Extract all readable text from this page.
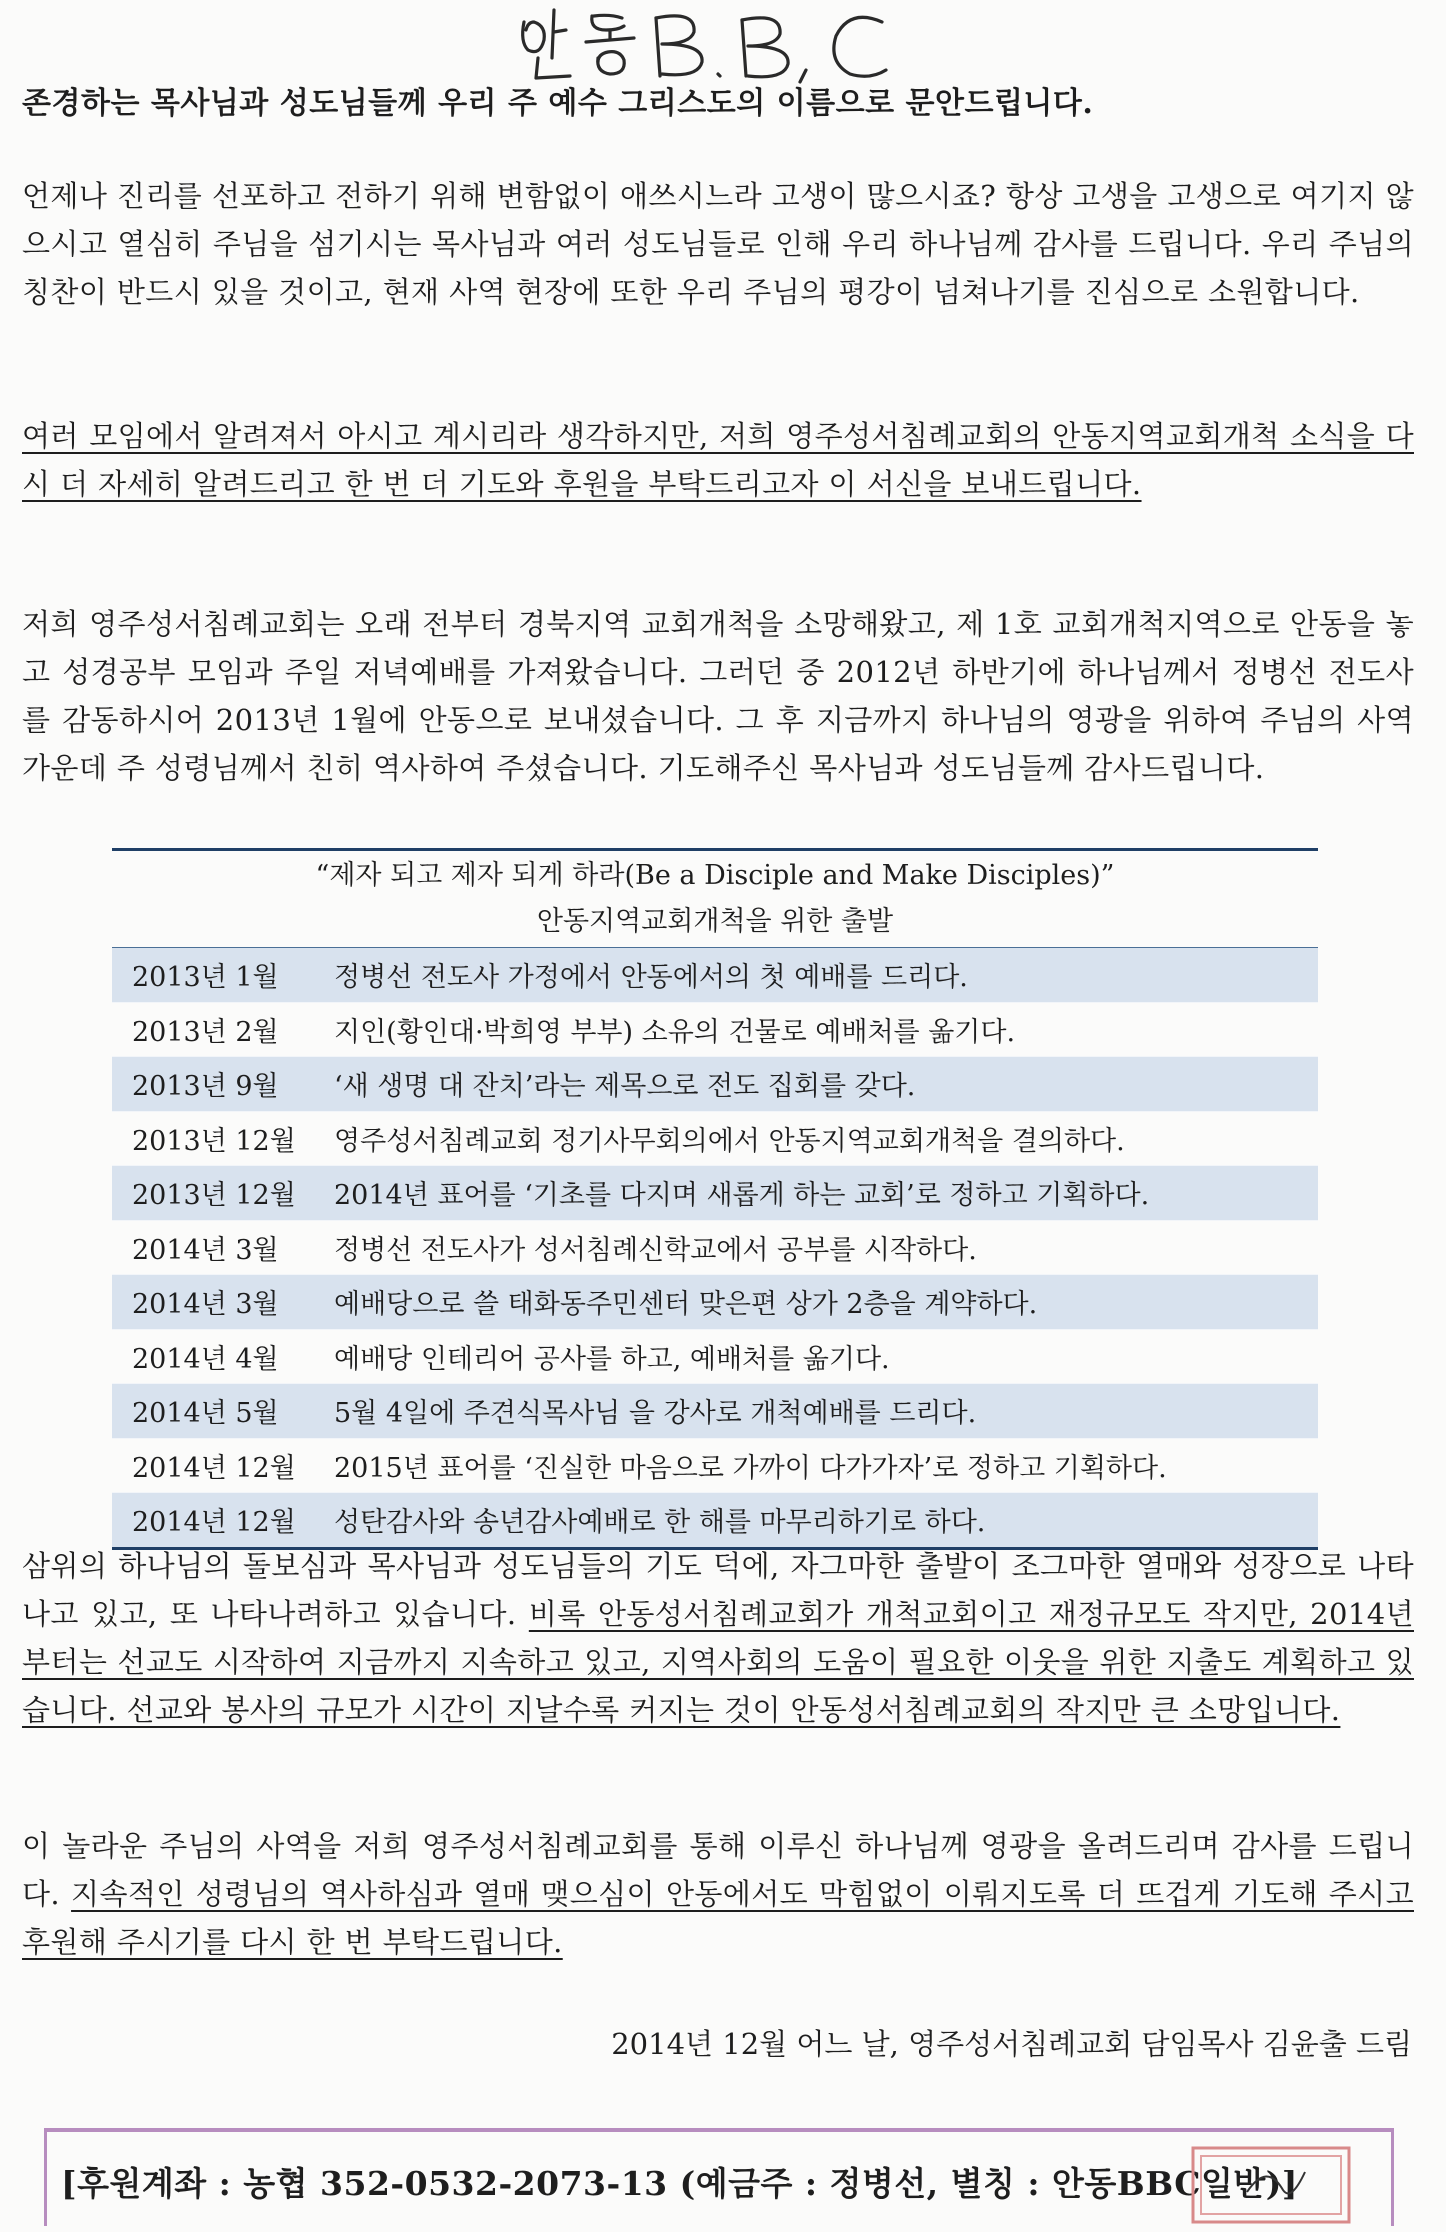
존경하는 목사님과 성도님들께 우리 주 예수 그리스도의 이름으로 문안드립니다.
언제나 진리를 선포하고 전하기 위해 변함없이 애쓰시느라 고생이 많으시죠? 항상 고생을 고생으로 여기지 않으시고 열심히 주님을 섬기시는 목사님과 여러 성도님들로 인해 우리 하나님께 감사를 드립니다. 우리 주님의 칭찬이 반드시 있을 것이고, 현재 사역 현장에 또한 우리 주님의 평강이 넘쳐나기를 진심으로 소원합니다.
여러 모임에서 알려져서 아시고 계시리라 생각하지만, 저희 영주성서침례교회의 안동지역교회개척 소식을 다시 더 자세히 알려드리고 한 번 더 기도와 후원을 부탁드리고자 이 서신을 보내드립니다.
저희 영주성서침례교회는 오래 전부터 경북지역 교회개척을 소망해왔고, 제 1호 교회개척지역으로 안동을 놓고 성경공부 모임과 주일 저녁예배를 가져왔습니다. 그러던 중 2012년 하반기에 하나님께서 정병선 전도사를 감동하시어 2013년 1월에 안동으로 보내셨습니다. 그 후 지금까지 하나님의 영광을 위하여 주님의 사역 가운데 주 성령님께서 친히 역사하여 주셨습니다. 기도해주신 목사님과 성도님들께 감사드립니다.
“제자 되고 제자 되게 하라(Be a Disciple and Make Disciples)”
안동지역교회개척을 위한 출발
2013년 1월	정병선 전도사 가정에서 안동에서의 첫 예배를 드리다.
2013년 2월	지인(황인대·박희영 부부) 소유의 건물로 예배처를 옮기다.
2013년 9월	‘새 생명 대 잔치’라는 제목으로 전도 집회를 갖다.
2013년 12월	영주성서침례교회 정기사무회의에서 안동지역교회개척을 결의하다.
2013년 12월	2014년 표어를 ‘기초를 다지며 새롭게 하는 교회’로 정하고 기획하다.
2014년 3월	정병선 전도사가 성서침례신학교에서 공부를 시작하다.
2014년 3월	예배당으로 쓸 태화동주민센터 맞은편 상가 2층을 계약하다.
2014년 4월	예배당 인테리어 공사를 하고, 예배처를 옮기다.
2014년 5월	5월 4일에 주견식목사님 을 강사로 개척예배를 드리다.
2014년 12월	2015년 표어를 ‘진실한 마음으로 가까이 다가가자’로 정하고 기획하다.
2014년 12월	성탄감사와 송년감사예배로 한 해를 마무리하기로 하다.
삼위의 하나님의 돌보심과 목사님과 성도님들의 기도 덕에, 자그마한 출발이 조그마한 열매와 성장으로 나타나고 있고, 또 나타나려하고 있습니다. 비록 안동성서침례교회가 개척교회이고 재정규모도 작지만, 2014년부터는 선교도 시작하여 지금까지 지속하고 있고, 지역사회의 도움이 필요한 이웃을 위한 지출도 계획하고 있습니다. 선교와 봉사의 규모가 시간이 지날수록 커지는 것이 안동성서침례교회의 작지만 큰 소망입니다.
이 놀라운 주님의 사역을 저희 영주성서침례교회를 통해 이루신 하나님께 영광을 올려드리며 감사를 드립니다. 지속적인 성령님의 역사하심과 열매 맺으심이 안동에서도 막힘없이 이뤄지도록 더 뜨겁게 기도해 주시고 후원해 주시기를 다시 한 번 부탁드립니다.
2014년 12월 어느 날, 영주성서침례교회 담임목사 김윤출 드림
[후원계좌 : 농협 352-0532-2073-13 (예금주 : 정병선, 별칭 : 안동BBC일반)]
